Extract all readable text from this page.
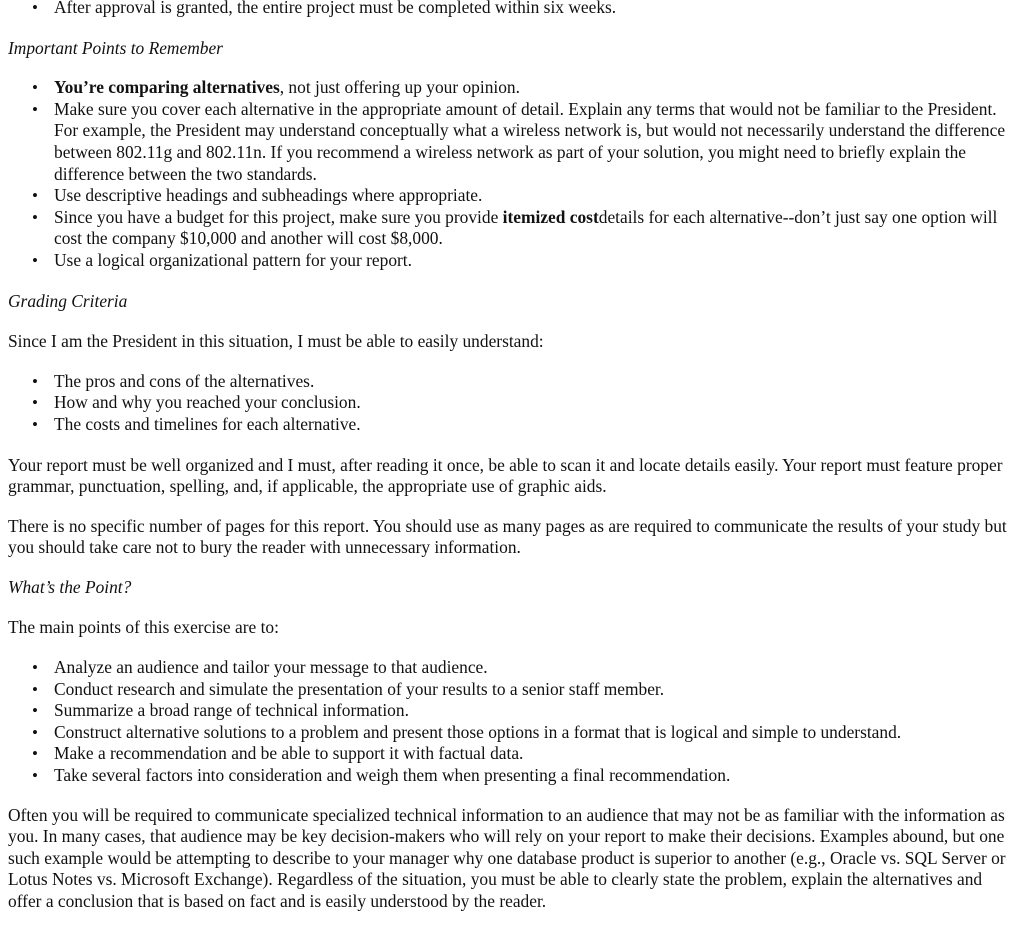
• After approval is granted, the entire project must be completed within six weeks.

Important Points to Remember

• You’re comparing alternatives, not just offering up your opinion.
• Make sure you cover each alternative in the appropriate amount of detail. Explain any terms that would not be familiar to the President. For example, the President may understand conceptually what a wireless network is, but would not necessarily understand the difference between 802.11g and 802.11n. If you recommend a wireless network as part of your solution, you might need to briefly explain the difference between the two standards.
• Use descriptive headings and subheadings where appropriate.
• Since you have a budget for this project, make sure you provide itemized costdetails for each alternative--don’t just say one option will cost the company $10,000 and another will cost $8,000.
• Use a logical organizational pattern for your report.

Grading Criteria

Since I am the President in this situation, I must be able to easily understand:

• The pros and cons of the alternatives.
• How and why you reached your conclusion.
• The costs and timelines for each alternative.

Your report must be well organized and I must, after reading it once, be able to scan it and locate details easily. Your report must feature proper grammar, punctuation, spelling, and, if applicable, the appropriate use of graphic aids.

There is no specific number of pages for this report. You should use as many pages as are required to communicate the results of your study but you should take care not to bury the reader with unnecessary information.

What’s the Point?

The main points of this exercise are to:

• Analyze an audience and tailor your message to that audience.
• Conduct research and simulate the presentation of your results to a senior staff member.
• Summarize a broad range of technical information.
• Construct alternative solutions to a problem and present those options in a format that is logical and simple to understand.
• Make a recommendation and be able to support it with factual data.
• Take several factors into consideration and weigh them when presenting a final recommendation.

Often you will be required to communicate specialized technical information to an audience that may not be as familiar with the information as you. In many cases, that audience may be key decision-makers who will rely on your report to make their decisions. Examples abound, but one such example would be attempting to describe to your manager why one database product is superior to another (e.g., Oracle vs. SQL Server or Lotus Notes vs. Microsoft Exchange). Regardless of the situation, you must be able to clearly state the problem, explain the alternatives and offer a conclusion that is based on fact and is easily understood by the reader.
